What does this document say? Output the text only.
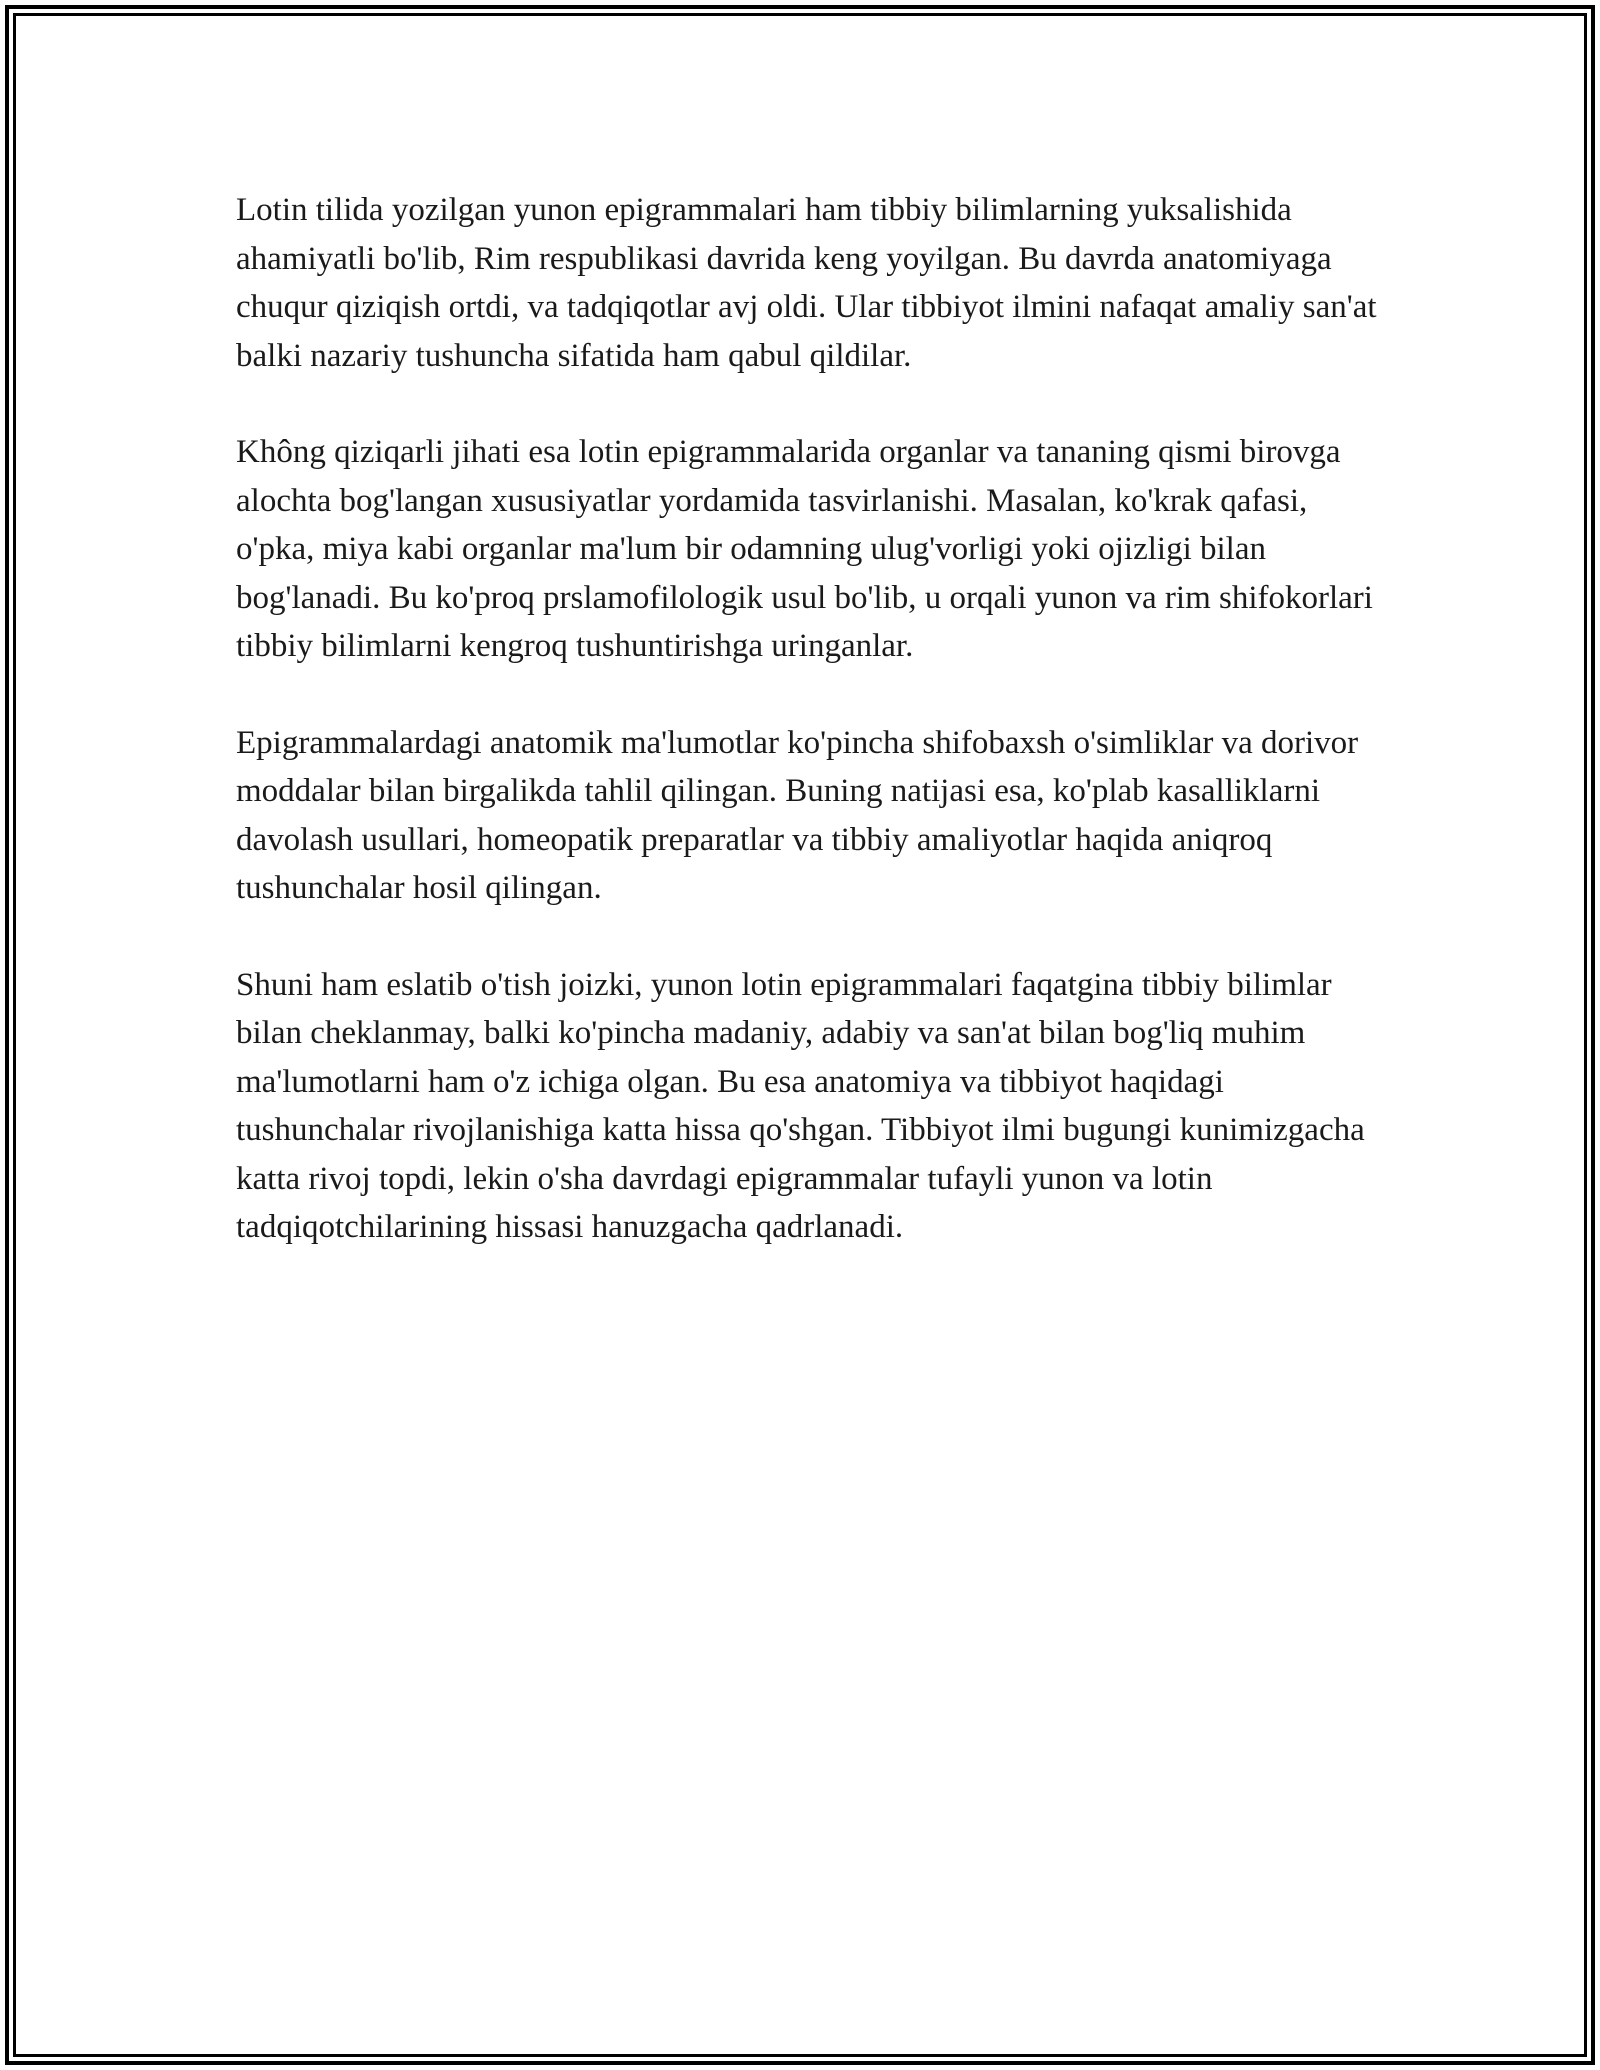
Lotin tilida yozilgan yunon epigrammalari ham tibbiy bilimlarning yuksalishida ahamiyatli bo'lib, Rim respublikasi davrida keng yoyilgan. Bu davrda anatomiyaga chuqur qiziqish ortdi, va tadqiqotlar avj oldi. Ular tibbiyot ilmini nafaqat amaliy san'at balki nazariy tushuncha sifatida ham qabul qildilar.

Không qiziqarli jihati esa lotin epigrammalarida organlar va tananing qismi birovga alochta bog'langan xususiyatlar yordamida tasvirlanishi. Masalan, ko'krak qafasi, o'pka, miya kabi organlar ma'lum bir odamning ulug'vorligi yoki ojizligi bilan bog'lanadi. Bu ko'proq prslamofilologik usul bo'lib, u orqali yunon va rim shifokorlari tibbiy bilimlarni kengroq tushuntirishga uringanlar.

Epigrammalardagi anatomik ma'lumotlar ko'pincha shifobaxsh o'simliklar va dorivor moddalar bilan birgalikda tahlil qilingan. Buning natijasi esa, ko'plab kasalliklarni davolash usullari, homeopatik preparatlar va tibbiy amaliyotlar haqida aniqroq tushunchalar hosil qilingan.

Shuni ham eslatib o'tish joizki, yunon lotin epigrammalari faqatgina tibbiy bilimlar bilan cheklanmay, balki ko'pincha madaniy, adabiy va san'at bilan bog'liq muhim ma'lumotlarni ham o'z ichiga olgan. Bu esa anatomiya va tibbiyot haqidagi tushunchalar rivojlanishiga katta hissa qo'shgan. Tibbiyot ilmi bugungi kunimizgacha katta rivoj topdi, lekin o'sha davrdagi epigrammalar tufayli yunon va lotin tadqiqotchilarining hissasi hanuzgacha qadrlanadi.
